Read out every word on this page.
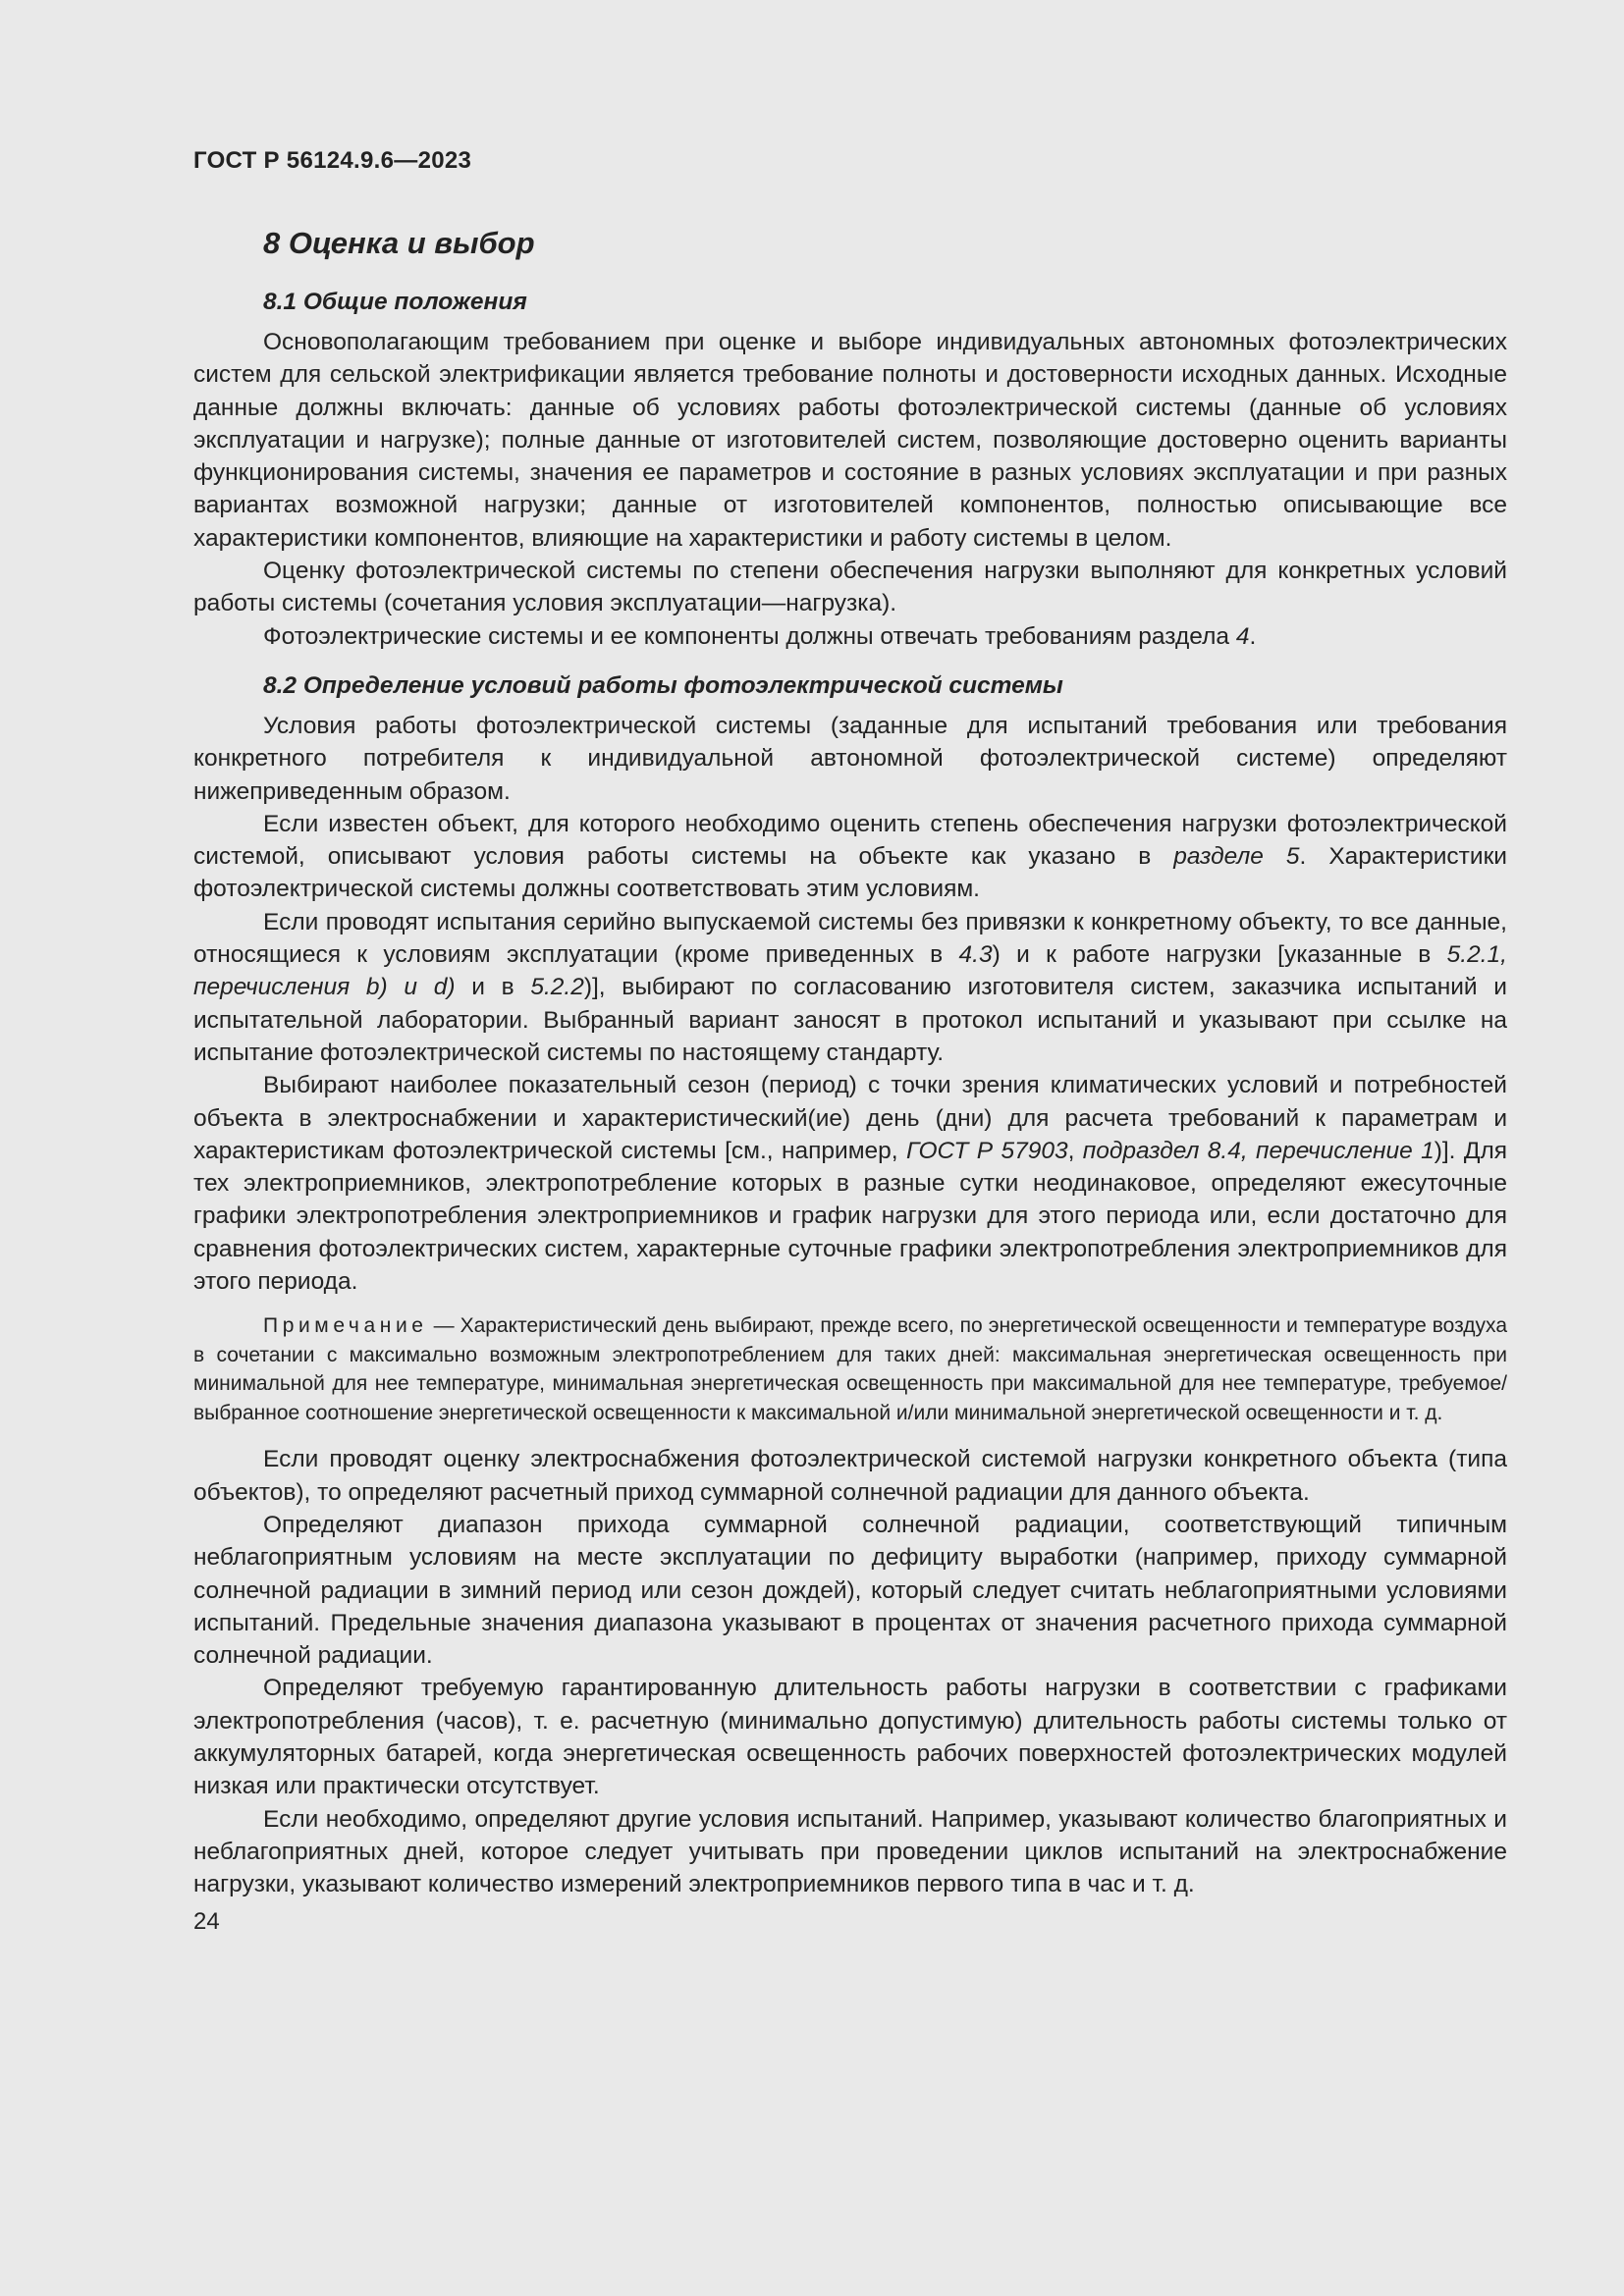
ГОСТ Р 56124.9.6—2023
8 Оценка и выбор
8.1 Общие положения

Основополагающим требованием при оценке и выборе индивидуальных автономных фотоэлектрических систем для сельской электрификации является требование полноты и достоверности исходных данных. Исходные данные должны включать: данные об условиях работы фотоэлектрической системы (данные об условиях эксплуатации и нагрузке); полные данные от изготовителей систем, позволяющие достоверно оценить варианты функционирования системы, значения ее параметров и состояние в разных условиях эксплуатации и при разных вариантах возможной нагрузки; данные от изготовителей компонентов, полностью описывающие все характеристики компонентов, влияющие на характеристики и работу системы в целом.

Оценку фотоэлектрической системы по степени обеспечения нагрузки выполняют для конкретных условий работы системы (сочетания условия эксплуатации—нагрузка).

Фотоэлектрические системы и ее компоненты должны отвечать требованиям раздела 4.

8.2 Определение условий работы фотоэлектрической системы

Условия работы фотоэлектрической системы (заданные для испытаний требования или требования конкретного потребителя к индивидуальной автономной фотоэлектрической системе) определяют нижеприведенным образом.

Если известен объект, для которого необходимо оценить степень обеспечения нагрузки фотоэлектрической системой, описывают условия работы системы на объекте как указано в разделе 5. Характеристики фотоэлектрической системы должны соответствовать этим условиям.

Если проводят испытания серийно выпускаемой системы без привязки к конкретному объекту, то все данные, относящиеся к условиям эксплуатации (кроме приведенных в 4.3) и к работе нагрузки [указанные в 5.2.1, перечисления b) и d) и в 5.2.2)], выбирают по согласованию изготовителя систем, заказчика испытаний и испытательной лаборатории. Выбранный вариант заносят в протокол испытаний и указывают при ссылке на испытание фотоэлектрической системы по настоящему стандарту.

Выбирают наиболее показательный сезон (период) с точки зрения климатических условий и потребностей объекта в электроснабжении и характеристический(ие) день (дни) для расчета требований к параметрам и характеристикам фотоэлектрической системы [см., например, ГОСТ Р 57903, подраздел 8.4, перечисление 1)]. Для тех электроприемников, электропотребление которых в разные сутки неодинаковое, определяют ежесуточные графики электропотребления электроприемников и график нагрузки для этого периода или, если достаточно для сравнения фотоэлектрических систем, характерные суточные графики электропотребления электроприемников для этого периода.

Примечание — Характеристический день выбирают, прежде всего, по энергетической освещенности и температуре воздуха в сочетании с максимально возможным электропотреблением для таких дней: максимальная энергетическая освещенность при минимальной для нее температуре, минимальная энергетическая освещенность при максимальной для нее температуре, требуемое/выбранное соотношение энергетической освещенности к максимальной и/или минимальной энергетической освещенности и т. д.

Если проводят оценку электроснабжения фотоэлектрической системой нагрузки конкретного объекта (типа объектов), то определяют расчетный приход суммарной солнечной радиации для данного объекта.

Определяют диапазон прихода суммарной солнечной радиации, соответствующий типичным неблагоприятным условиям на месте эксплуатации по дефициту выработки (например, приходу суммарной солнечной радиации в зимний период или сезон дождей), который следует считать неблагоприятными условиями испытаний. Предельные значения диапазона указывают в процентах от значения расчетного прихода суммарной солнечной радиации.

Определяют требуемую гарантированную длительность работы нагрузки в соответствии с графиками электропотребления (часов), т. е. расчетную (минимально допустимую) длительность работы системы только от аккумуляторных батарей, когда энергетическая освещенность рабочих поверхностей фотоэлектрических модулей низкая или практически отсутствует.

Если необходимо, определяют другие условия испытаний. Например, указывают количество благоприятных и неблагоприятных дней, которое следует учитывать при проведении циклов испытаний на электроснабжение нагрузки, указывают количество измерений электроприемников первого типа в час и т. д.

24
